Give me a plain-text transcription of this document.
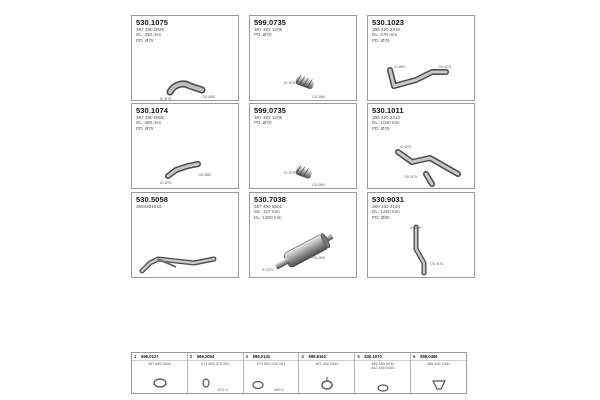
530.1075
387 490 0825
DL: 350 mm
PD: Ø75
ID Ø75	OD Ø80
599.0735
387 492 1209
PD: Ø75
ID Ø75
OD Ø80
530.1023
389 490 2310
DL: 670 mm
PD: Ø75
ID Ø80	OD Ø75
530.1074
387 490 0695
DL: 480 mm
PD: Ø75
ID Ø75
OD Ø80
599.0735
387 492 1209
PD: Ø75
ID Ø75
OD Ø80
530.1011
389 490 2210
DL: 1040 mm
PD: Ø75
ID Ø75
OD Ø75
530.5058
3884931519
530.7038
387 490 5501
ML: 127 mm
DL: 1300 mm
ID Ø75
OD Ø80
530.9031
389 492 4104
DL: 1250 mm
PD: Ø80
ID Ø80
OD Ø75
1 599.0127
387 489 0044
2 599.2054
071 553 370 500
Ø71,5
3 599.0141
071 553 030 001
Ø80,3
4 599.8162
387 492 0340
5 530.1070
385 489 0030
442 490 0400
6 599.0466
385 492 1441
